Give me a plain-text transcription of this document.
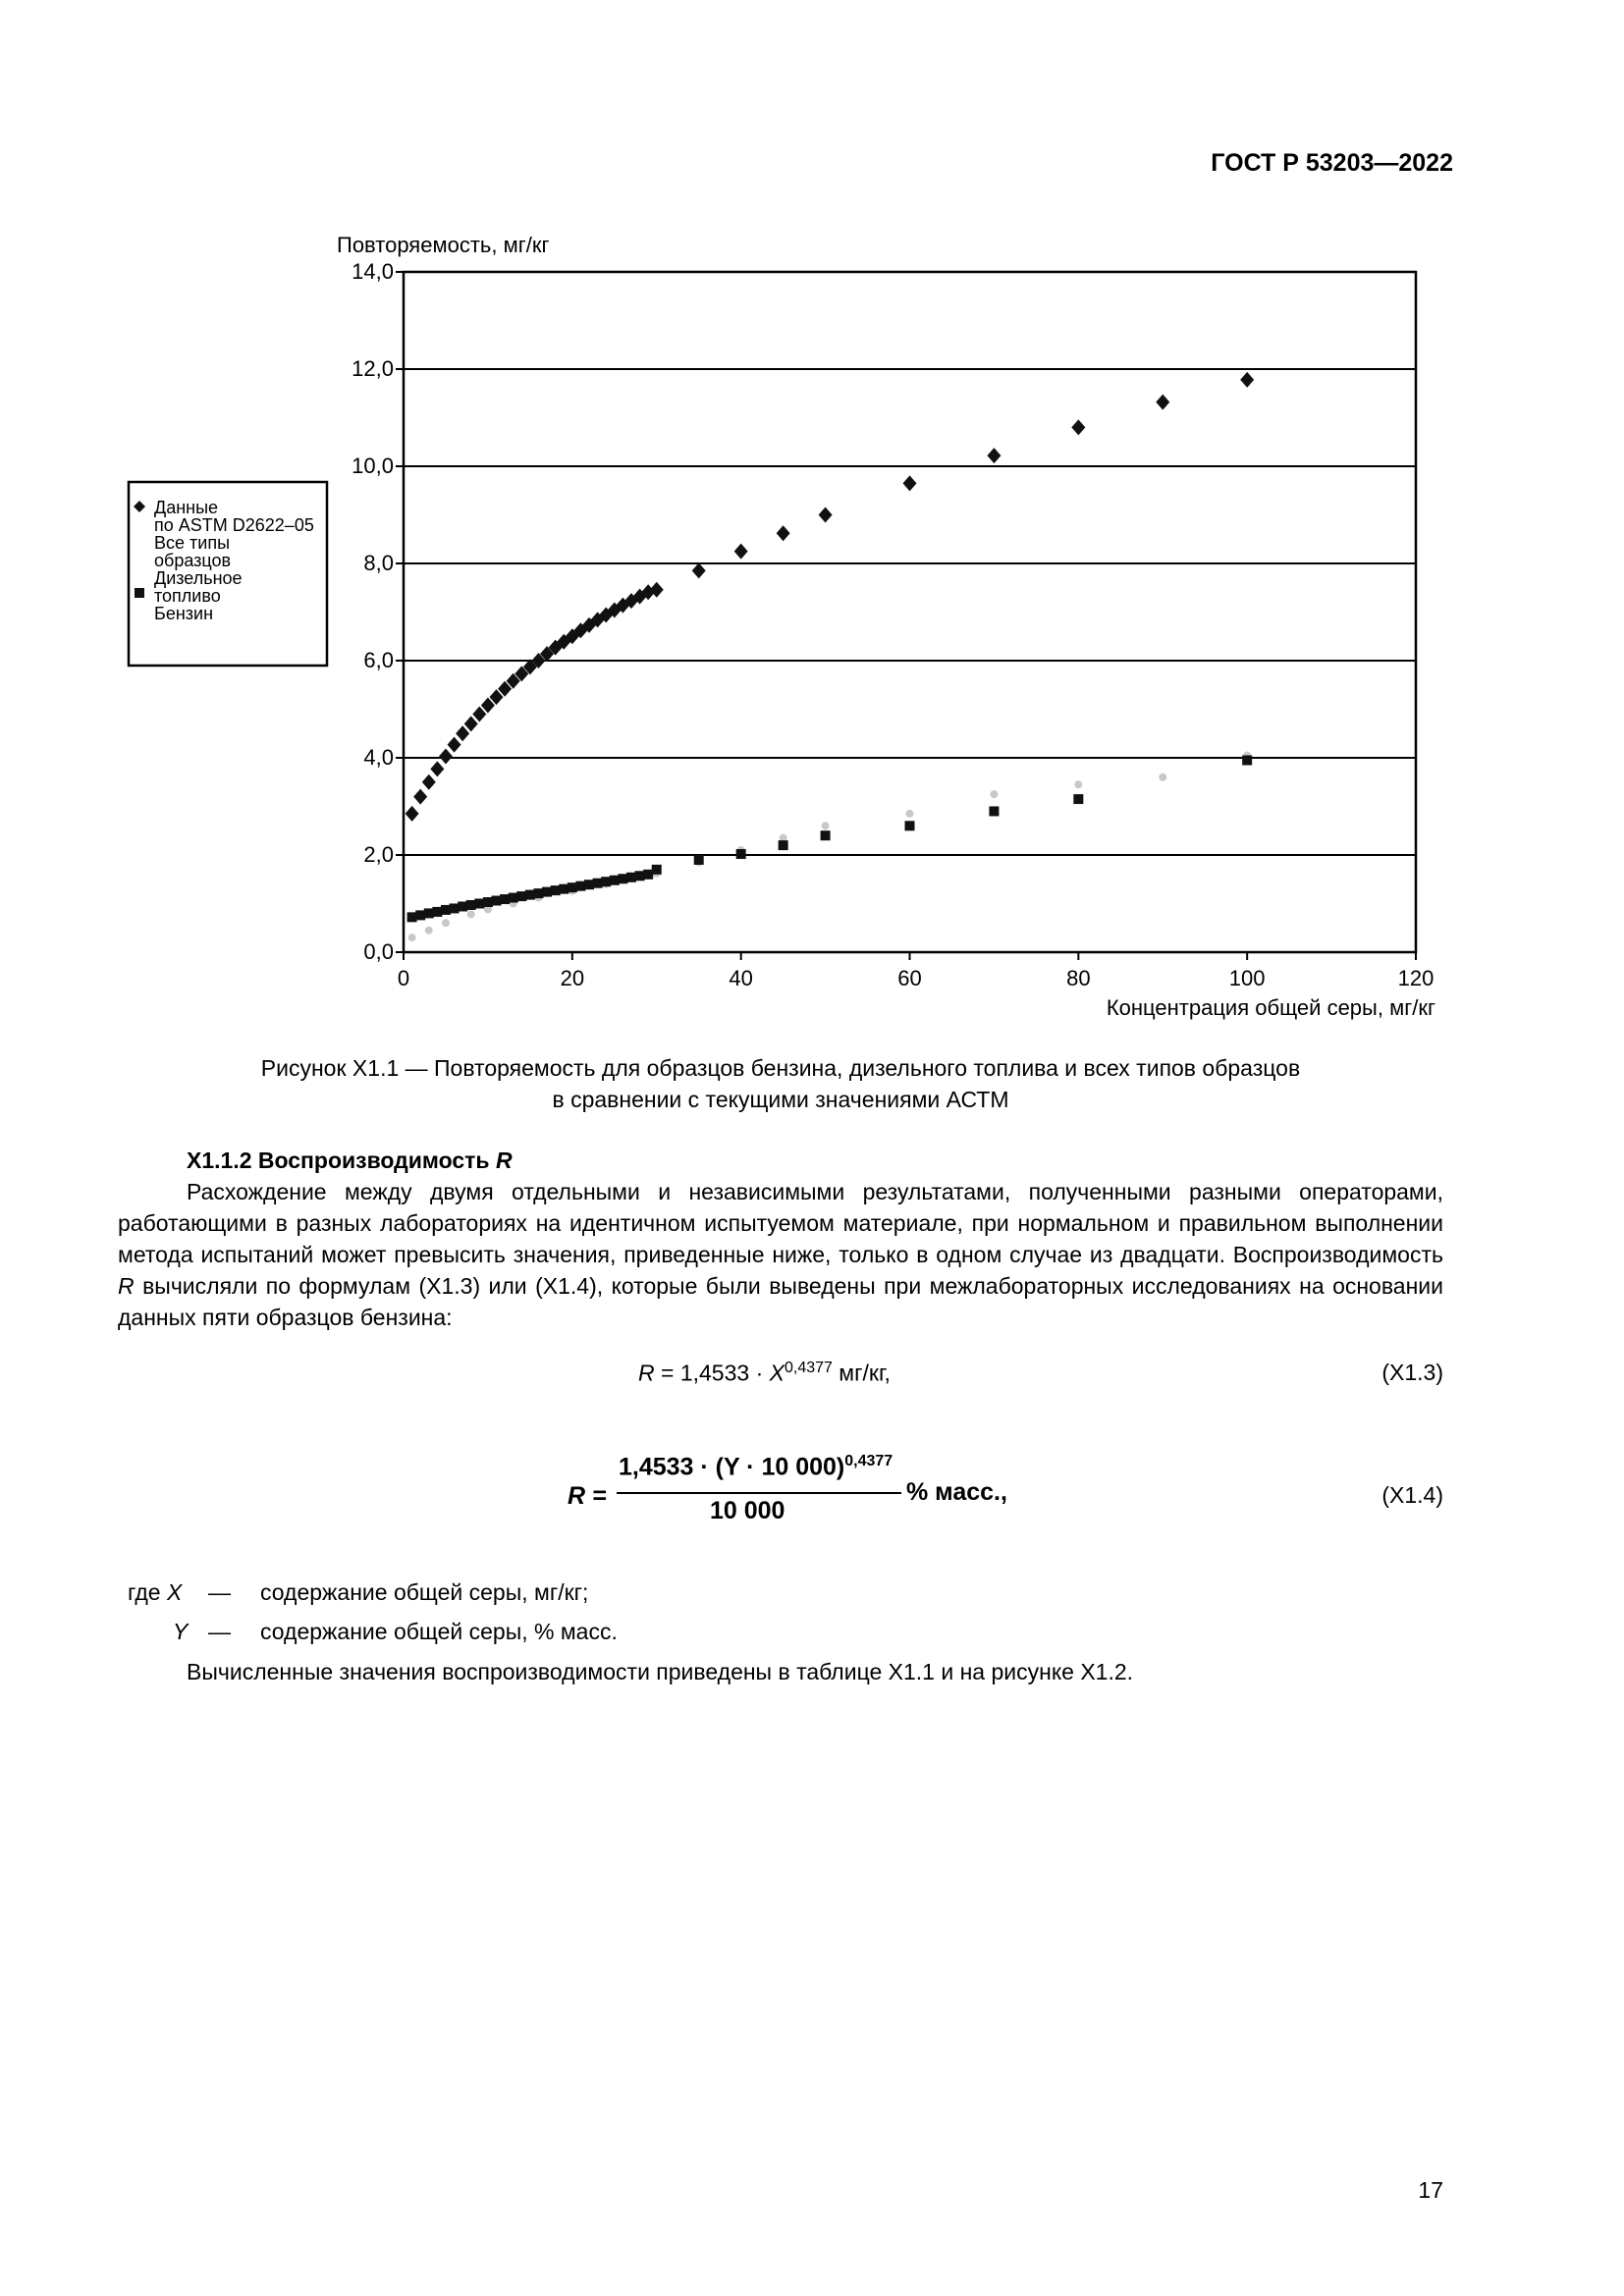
ГОСТ Р 53203—2022
0,0
2,0
4,0
6,0
8,0
10,0
12,0
14,0
0	20	40	60	80	100	120
Повторяемость, мг/кг
Концентрация общей серы, мг/кг
Данные
по ASTM D2622–05
Все типы
образцов
Дизельное
топливо
Бензин
Рисунок X1.1 — Повторяемость для образцов бензина, дизельного топлива и всех типов образцов
в сравнении с текущими значениями АСТМ
X1.1.2 Воспроизводимость R
Расхождение между двумя отдельными и независимыми результатами, полученными разными операторами, работающими в разных лабораториях на идентичном испытуемом материале, при нормальном и правильном выполнении метода испытаний может превысить значения, приведенные ниже, только в одном случае из двадцати. Воспроизводимость R вычисляли по формулам (X1.3) или (X1.4), которые были выведены при межлабораторных исследованиях на основании данных пяти образцов бензина:
$R = 1,4533 \cdot X^{0,4377}$ мг/кг,	(X1.3)
R =
1,4533 · (Y · 10 000)$^{0,4377}$
10 000
% масс.,	(X1.4)
где X — содержание общей серы, мг/кг;
Y — содержание общей серы, % масс.
Вычисленные значения воспроизводимости приведены в таблице X1.1 и на рисунке X1.2.
17
